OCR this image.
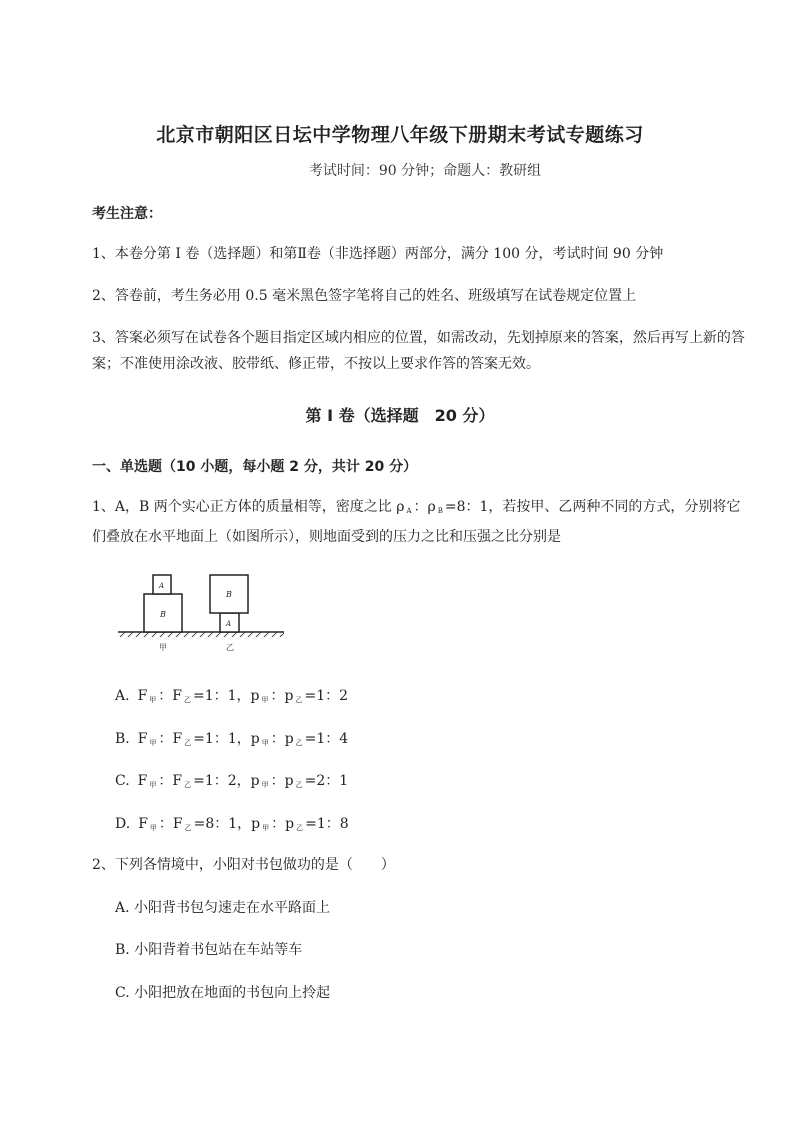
北京市朝阳区日坛中学物理八年级下册期末考试专题练习
考试时间：90 分钟；命题人：教研组
考生注意：
1、本卷分第 I 卷（选择题）和第Ⅱ卷（非选择题）两部分，满分 100 分，考试时间 90 分钟
2、答卷前，考生务必用 0.5 毫米黑色签字笔将自己的姓名、班级填写在试卷规定位置上
3、答案必须写在试卷各个题目指定区域内相应的位置，如需改动，先划掉原来的答案，然后再写上新的答案；不准使用涂改液、胶带纸、修正带，不按以上要求作答的答案无效。
第 I 卷（选择题　20 分）
一、单选题（10 小题，每小题 2 分，共计 20 分）
1、A，B 两个实心正方体的质量相等，密度之比 ρ $_A$ ：ρ $_B$ =8：1，若按甲、乙两种不同的方式，分别将它们叠放在水平地面上（如图所示），则地面受到的压力之比和压强之比分别是
B
A
A
B
甲	乙
A. F $_甲$ ：F $_乙$ =1：1，p $_甲$ ：p $_乙$ =1：2
B. F $_甲$ ：F $_乙$ =1：1，p $_甲$ ：p $_乙$ =1：4
C. F $_甲$ ：F $_乙$ =1：2，p $_甲$ ：p $_乙$ =2：1
D. F $_甲$ ：F $_乙$ =8：1，p $_甲$ ：p $_乙$ =1：8
2、下列各情境中，小阳对书包做功的是（　　）
A. 小阳背书包匀速走在水平路面上
B. 小阳背着书包站在车站等车
C. 小阳把放在地面的书包向上拎起
